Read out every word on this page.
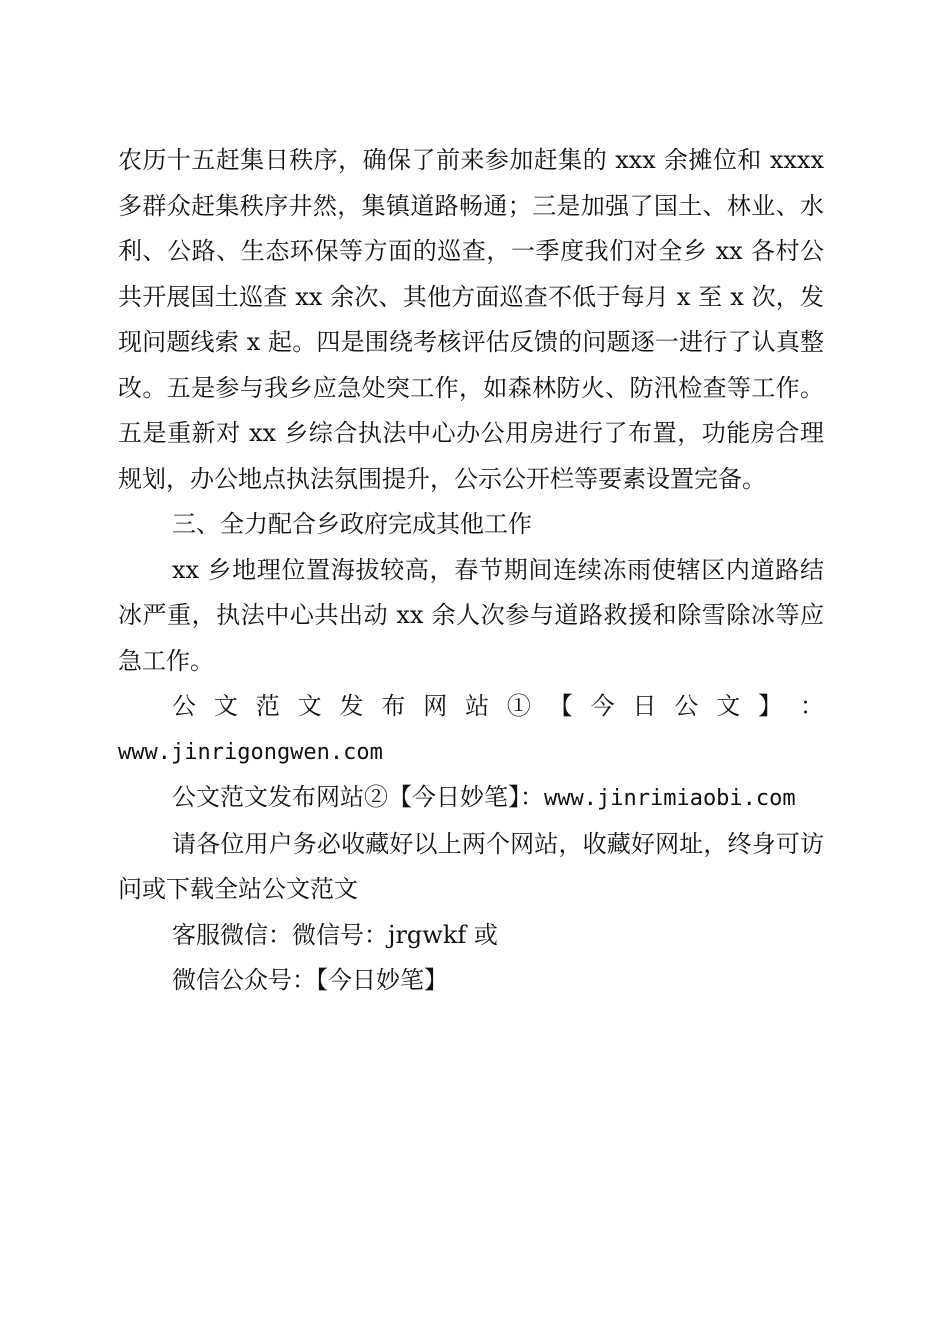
农历十五赶集日秩序，确保了前来参加赶集的 xxx 余摊位和 xxxx 多群众赶集秩序井然，集镇道路畅通；三是加强了国土、林业、水利、公路、生态环保等方面的巡查，一季度我们对全乡 xx 各村公共开展国土巡查 xx 余次、其他方面巡查不低于每月 x 至 x 次，发现问题线索 x 起。四是围绕考核评估反馈的问题逐一进行了认真整改。五是参与我乡应急处突工作，如森林防火、防汛检查等工作。五是重新对 xx 乡综合执法中心办公用房进行了布置，功能房合理规划，办公地点执法氛围提升，公示公开栏等要素设置完备。

三、全力配合乡政府完成其他工作

xx 乡地理位置海拔较高，春节期间连续冻雨使辖区内道路结冰严重，执法中心共出动 xx 余人次参与道路救援和除雪除冰等应急工作。

公 文 范 文 发 布 网 站 ① 【 今 日 公 文 】 ：

www.jinrigongwen.com

公文范文发布网站②【今日妙笔】：www.jinrimiaobi.com

请各位用户务必收藏好以上两个网站，收藏好网址，终身可访问或下载全站公文范文

客服微信：微信号：jrgwkf 或

微信公众号：【今日妙笔】
